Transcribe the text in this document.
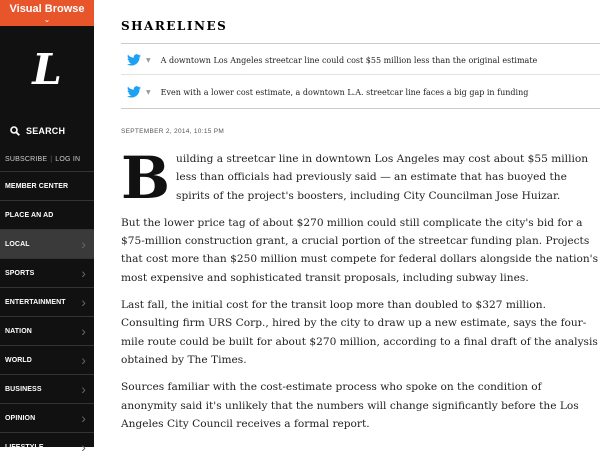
Visual Browse
⌄
L
SEARCH
SUBSCRIBE | LOG IN
MEMBER CENTER
PLACE AN AD
LOCAL	›
SPORTS	›
ENTERTAINMENT ›
NATION	›
WORLD	›
BUSINESS	›
OPINION	›
LIFESTYLE	›
SHARELINES
▼ A downtown Los Angeles streetcar line could cost $55 million less than the original estimate
▼ Even with a lower cost estimate, a downtown L.A. streetcar line faces a big gap in funding
SEPTEMBER 2, 2014, 10:15 PM

Building a streetcar line in downtown Los Angeles may cost about $55 million less than officials had previously said — an estimate that has buoyed the spirits of the project's boosters, including City Councilman Jose Huizar.

But the lower price tag of about $270 million could still complicate the city's bid for a $75-million construction grant, a crucial portion of the streetcar funding plan. Projects that cost more than $250 million must compete for federal dollars alongside the nation's most expensive and sophisticated transit proposals, including subway lines.

Last fall, the initial cost for the transit loop more than doubled to $327 million. Consulting firm URS Corp., hired by the city to draw up a new estimate, says the four-mile route could be built for about $270 million, according to a final draft of the analysis obtained by The Times.

Sources familiar with the cost-estimate process who spoke on the condition of anonymity said it's unlikely that the numbers will change significantly before the Los Angeles City Council receives a formal report.
